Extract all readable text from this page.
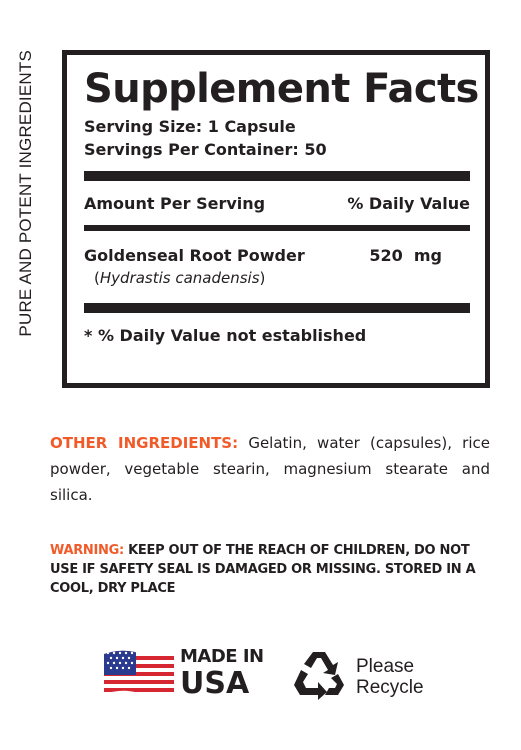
PURE AND POTENT INGREDIENTS Supplement Facts
Serving Size: 1 Capsule
Servings Per Container: 50
Amount Per Serving	% Daily Value
Goldenseal Root Powder	520  mg
(Hydrastis canadensis)
* % Daily Value not established
OTHER INGREDIENTS: Gelatin, water (capsules), rice powder, vegetable stearin, magnesium stearate and silica.
WARNING: KEEP OUT OF THE REACH OF CHILDREN, DO NOT USE IF SAFETY SEAL IS DAMAGED OR MISSING. STORED IN A COOL, DRY PLACE
MADE IN
USA	Please
Recycle
